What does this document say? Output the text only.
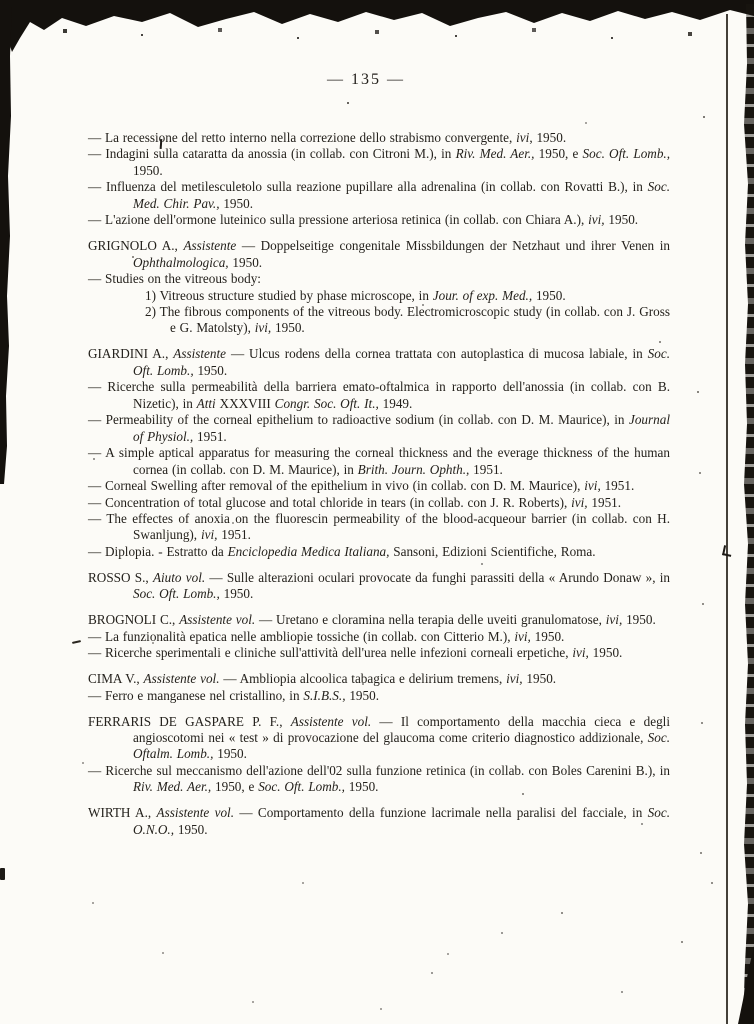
— 135 —

— La recessione del retto interno nella correzione dello strabismo convergente, ivi, 1950.

— Indagini sulla cataratta da anossia (in collab. con Citroni M.), in Riv. Med. Aer., 1950, e Soc. Oft. Lomb., 1950.

— Influenza del metilesculetolo sulla reazione pupillare alla adrenalina (in collab. con Rovatti B.), in Soc. Med. Chir. Pav., 1950.

— L'azione dell'ormone luteinico sulla pressione arteriosa retinica (in collab. con Chiara A.), ivi, 1950.

GRIGNOLO A., Assistente — Doppelseitige congenitale Missbildungen der Netzhaut und ihrer Venen in Ophthalmologica, 1950.

— Studies on the vitreous body:

1) Vitreous structure studied by phase microscope, in Jour. of exp. Med., 1950.

2) The fibrous components of the vitreous body. Electromicroscopic study (in collab. con J. Gross e G. Matolsty), ivi, 1950.

GIARDINI A., Assistente — Ulcus rodens della cornea trattata con autoplastica di mucosa labiale, in Soc. Oft. Lomb., 1950.

— Ricerche sulla permeabilità della barriera emato-oftalmica in rapporto dell'anossia (in collab. con B. Nizetic), in Atti XXXVIII Congr. Soc. Oft. It., 1949.

— Permeability of the corneal epithelium to radioactive sodium (in collab. con D. M. Maurice), in Journal of Physiol., 1951.

— A simple aptical apparatus for measuring the corneal thickness and the everage thickness of the human cornea (in collab. con D. M. Maurice), in Brith. Journ. Ophth., 1951.

— Corneal Swelling after removal of the epithelium in vivo (in collab. con D. M. Maurice), ivi, 1951.

— Concentration of total glucose and total chloride in tears (in collab. con J. R. Roberts), ivi, 1951.

— The effectes of anoxia on the fluorescin permeability of the blood-acqueour barrier (in collab. con H. Swanljung), ivi, 1951.

— Diplopia. - Estratto da Enciclopedia Medica Italiana, Sansoni, Edizioni Scientifiche, Roma.

ROSSO S., Aiuto vol. — Sulle alterazioni oculari provocate da funghi parassiti della « Arundo Donaw », in Soc. Oft. Lomb., 1950.

BROGNOLI C., Assistente vol. — Uretano e cloramina nella terapia delle uveiti granulomatose, ivi, 1950.

— La funzionalità epatica nelle ambliopie tossiche (in collab. con Citterio M.), ivi, 1950.

— Ricerche sperimentali e cliniche sull'attività dell'urea nelle infezioni corneali erpetiche, ivi, 1950.

CIMA V., Assistente vol. — Ambliopia alcoolica tabagica e delirium tremens, ivi, 1950.

— Ferro e manganese nel cristallino, in S.I.B.S., 1950.

FERRARIS DE GASPARE P. F., Assistente vol. — Il comportamento della macchia cieca e degli angioscotomi nei « test » di provocazione del glaucoma come criterio diagnostico addizionale, Soc. Oftalm. Lomb., 1950.

— Ricerche sul meccanismo dell'azione dell'02 sulla funzione retinica (in collab. con Boles Carenini B.), in Riv. Med. Aer., 1950, e Soc. Oft. Lomb., 1950.

WIRTH A., Assistente vol. — Comportamento della funzione lacrimale nella paralisi del facciale, in Soc. O.N.O., 1950.
